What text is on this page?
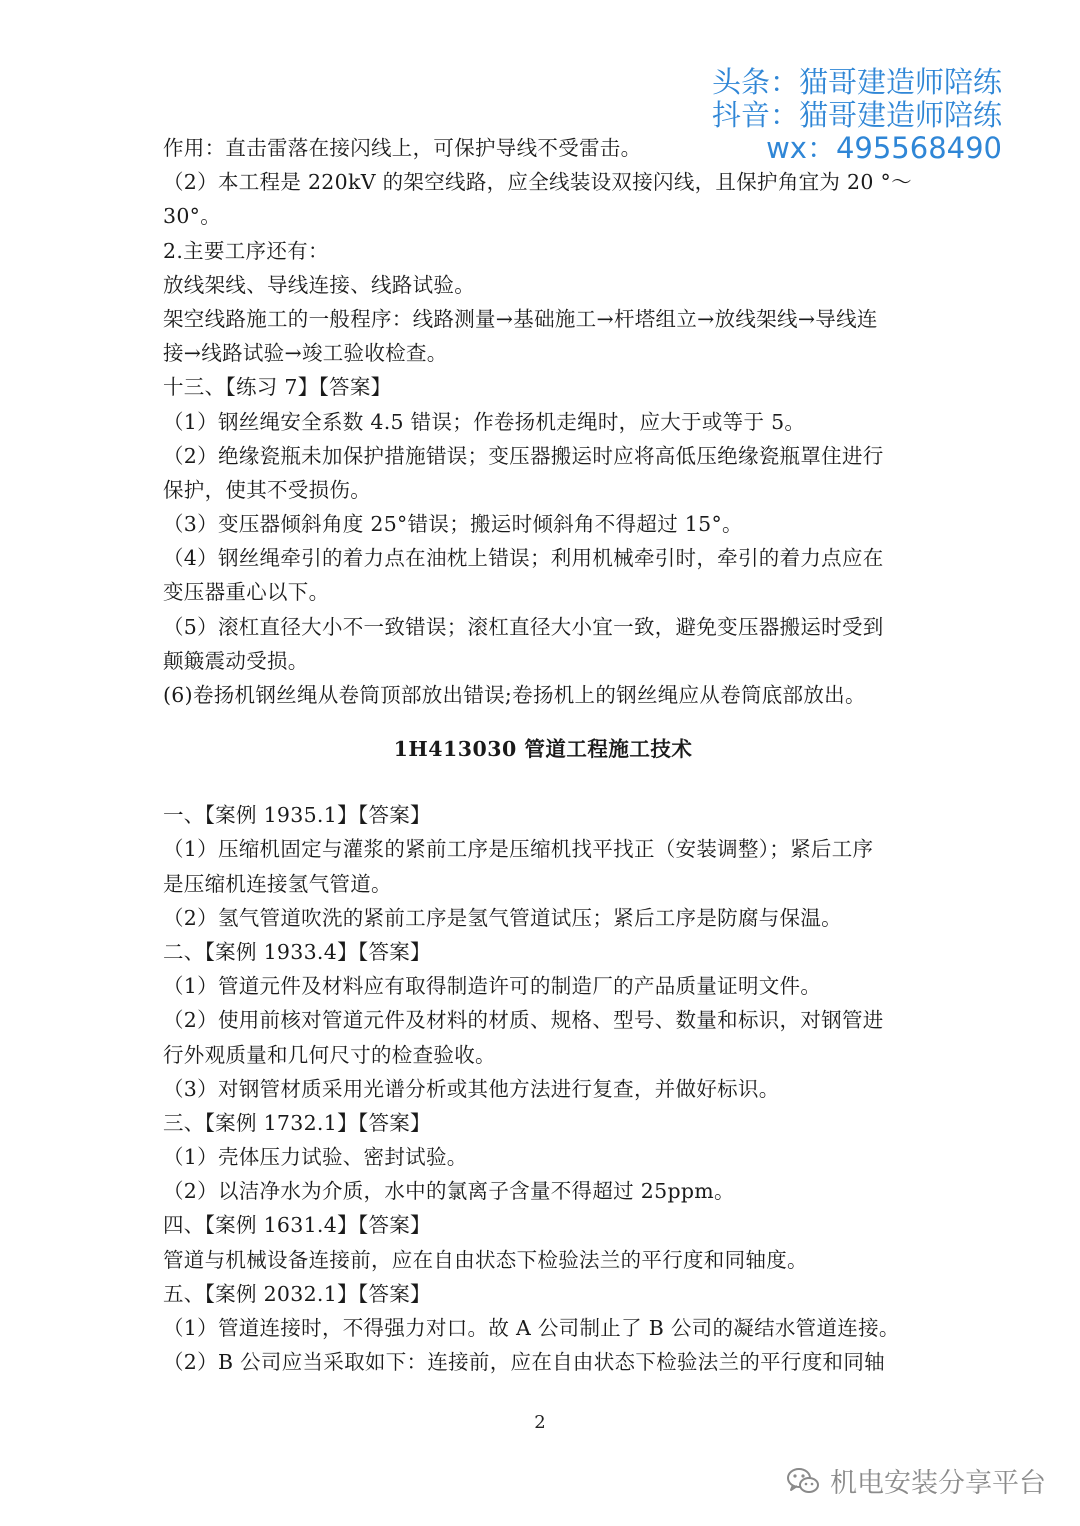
头条：猫哥建造师陪练
抖音：猫哥建造师陪练
wx：495568490
作用：直击雷落在接闪线上，可保护导线不受雷击。
（2）本工程是 220kV 的架空线路，应全线装设双接闪线，且保护角宜为 20 °～
30°。
2.主要工序还有：
放线架线、导线连接、线路试验。
架空线路施工的一般程序：线路测量→基础施工→杆塔组立→放线架线→导线连
接→线路试验→竣工验收检查。
十三、【练习 7】【答案】
（1）钢丝绳安全系数 4.5 错误；作卷扬机走绳时，应大于或等于 5。
（2）绝缘瓷瓶未加保护措施错误；变压器搬运时应将高低压绝缘瓷瓶罩住进行
保护，使其不受损伤。
（3）变压器倾斜角度 25°错误；搬运时倾斜角不得超过 15°。
（4）钢丝绳牵引的着力点在油枕上错误；利用机械牵引时，牵引的着力点应在
变压器重心以下。
（5）滚杠直径大小不一致错误；滚杠直径大小宜一致，避免变压器搬运时受到
颠簸震动受损。
(6)卷扬机钢丝绳从卷筒顶部放出错误;卷扬机上的钢丝绳应从卷筒底部放出。
1H413030 管道工程施工技术
一、【案例 1935.1】【答案】
（1）压缩机固定与灌浆的紧前工序是压缩机找平找正（安装调整）；紧后工序
是压缩机连接氢气管道。
（2）氢气管道吹洗的紧前工序是氢气管道试压；紧后工序是防腐与保温。
二、【案例 1933.4】【答案】
（1）管道元件及材料应有取得制造许可的制造厂的产品质量证明文件。
（2）使用前核对管道元件及材料的材质、规格、型号、数量和标识，对钢管进
行外观质量和几何尺寸的检查验收。
（3）对钢管材质采用光谱分析或其他方法进行复查，并做好标识。
三、【案例 1732.1】【答案】
（1）壳体压力试验、密封试验。
（2）以洁净水为介质，水中的氯离子含量不得超过 25ppm。
四、【案例 1631.4】【答案】
管道与机械设备连接前，应在自由状态下检验法兰的平行度和同轴度。
五、【案例 2032.1】【答案】
（1）管道连接时，不得强力对口。故 A 公司制止了 B 公司的凝结水管道连接。
（2）B 公司应当采取如下：连接前，应在自由状态下检验法兰的平行度和同轴
2
机电安装分享平台
